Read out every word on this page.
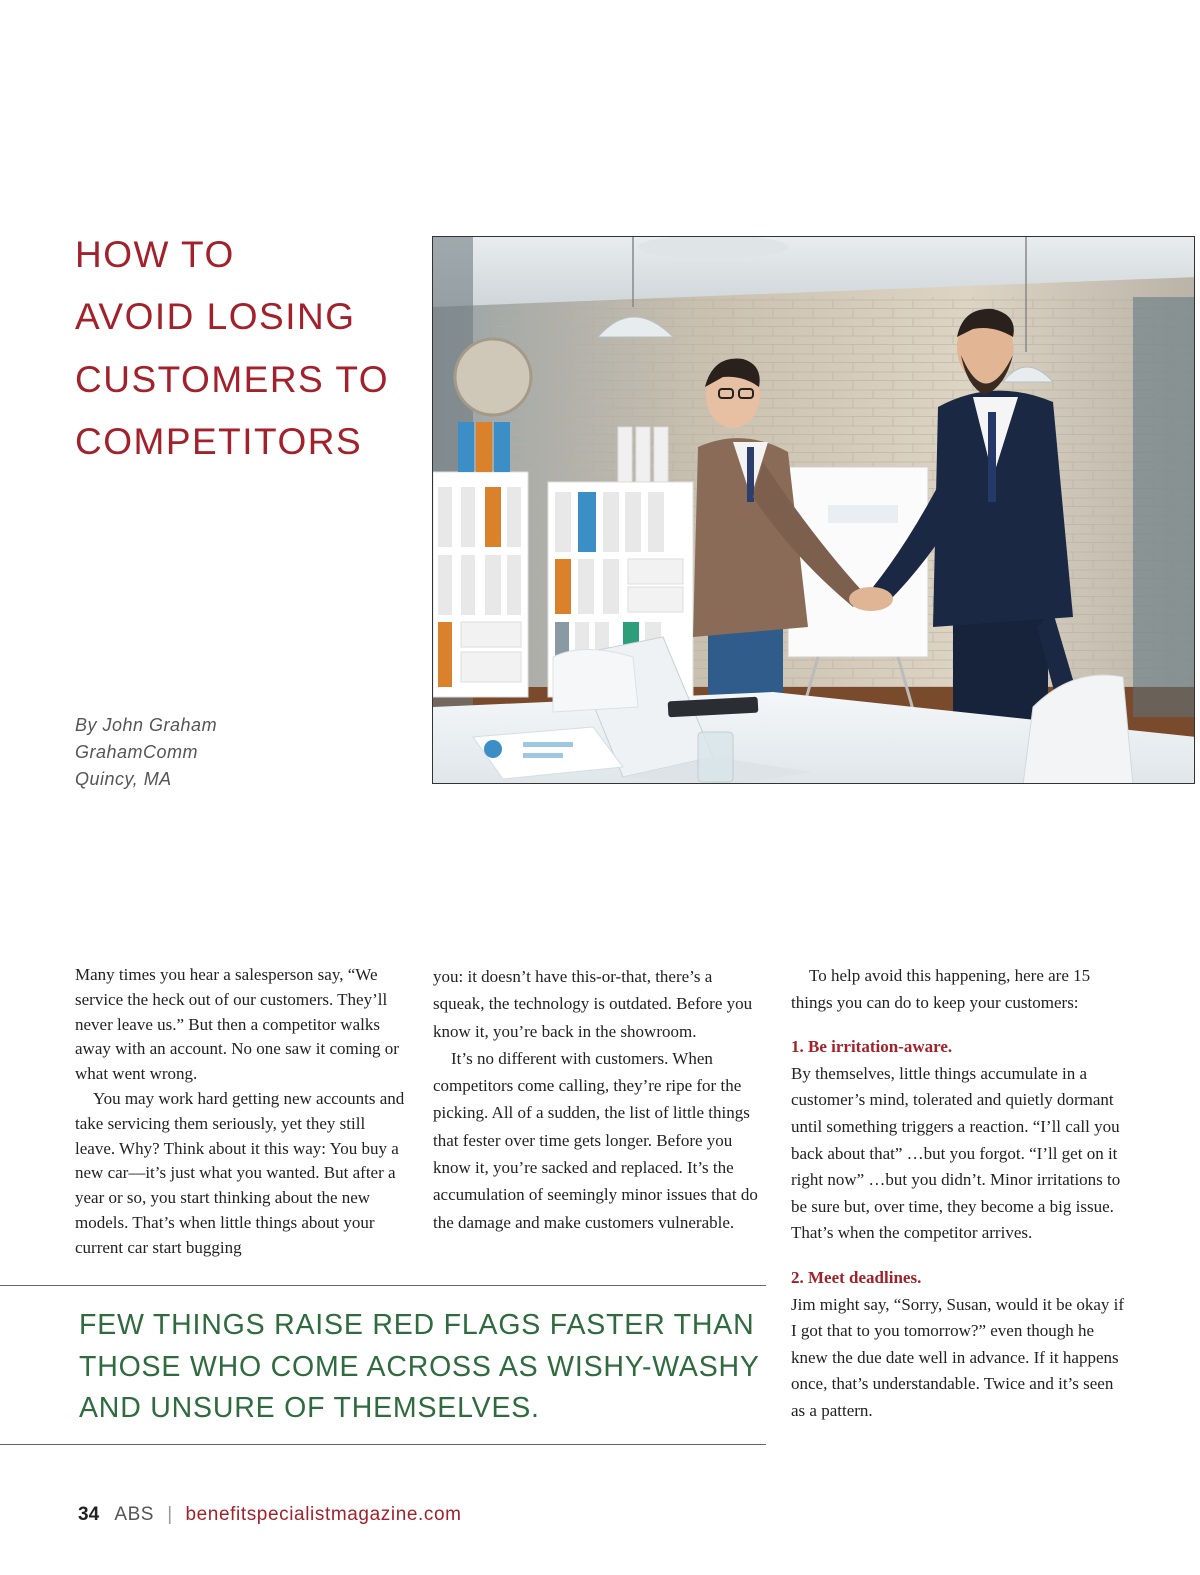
HOW TO
AVOID LOSING
CUSTOMERS TO
COMPETITORS
By John Graham
GrahamComm
Quincy, MA

Many times you hear a salesperson say, “We service the heck out of our customers. They’ll never leave us.” But then a competitor walks away with an account. No one saw it coming or what went wrong.

You may work hard getting new accounts and take servicing them seriously, yet they still leave. Why? Think about it this way: You buy a new car—it’s just what you wanted. But after a year or so, you start thinking about the new models. That’s when little things about your current car start bugging

you: it doesn’t have this-or-that, there’s a squeak, the technology is outdated. Before you know it, you’re back in the showroom.

It’s no different with customers. When competitors come calling, they’re ripe for the picking. All of a sudden, the list of little things that fester over time gets longer. Before you know it, you’re sacked and replaced. It’s the accumulation of seemingly minor issues that do the damage and make customers vulnerable.

To help avoid this happening, here are 15 things you can do to keep your customers:

1. Be irritation-aware.

By themselves, little things accumulate in a customer’s mind, tolerated and quietly dormant until something triggers a reaction. “I’ll call you back about that” …but you forgot. “I’ll get on it right now” …but you didn’t. Minor irritations to be sure but, over time, they become a big issue. That’s when the competitor arrives.

2. Meet deadlines.

Jim might say, “Sorry, Susan, would it be okay if I got that to you tomorrow?” even though he knew the due date well in advance. If it happens once, that’s understandable. Twice and it’s seen as a pattern.

FEW THINGS RAISE RED FLAGS FASTER THAN
THOSE WHO COME ACROSS AS WISHY-WASHY
AND UNSURE OF THEMSELVES.
34 ABS | benefitspecialistmagazine.com
